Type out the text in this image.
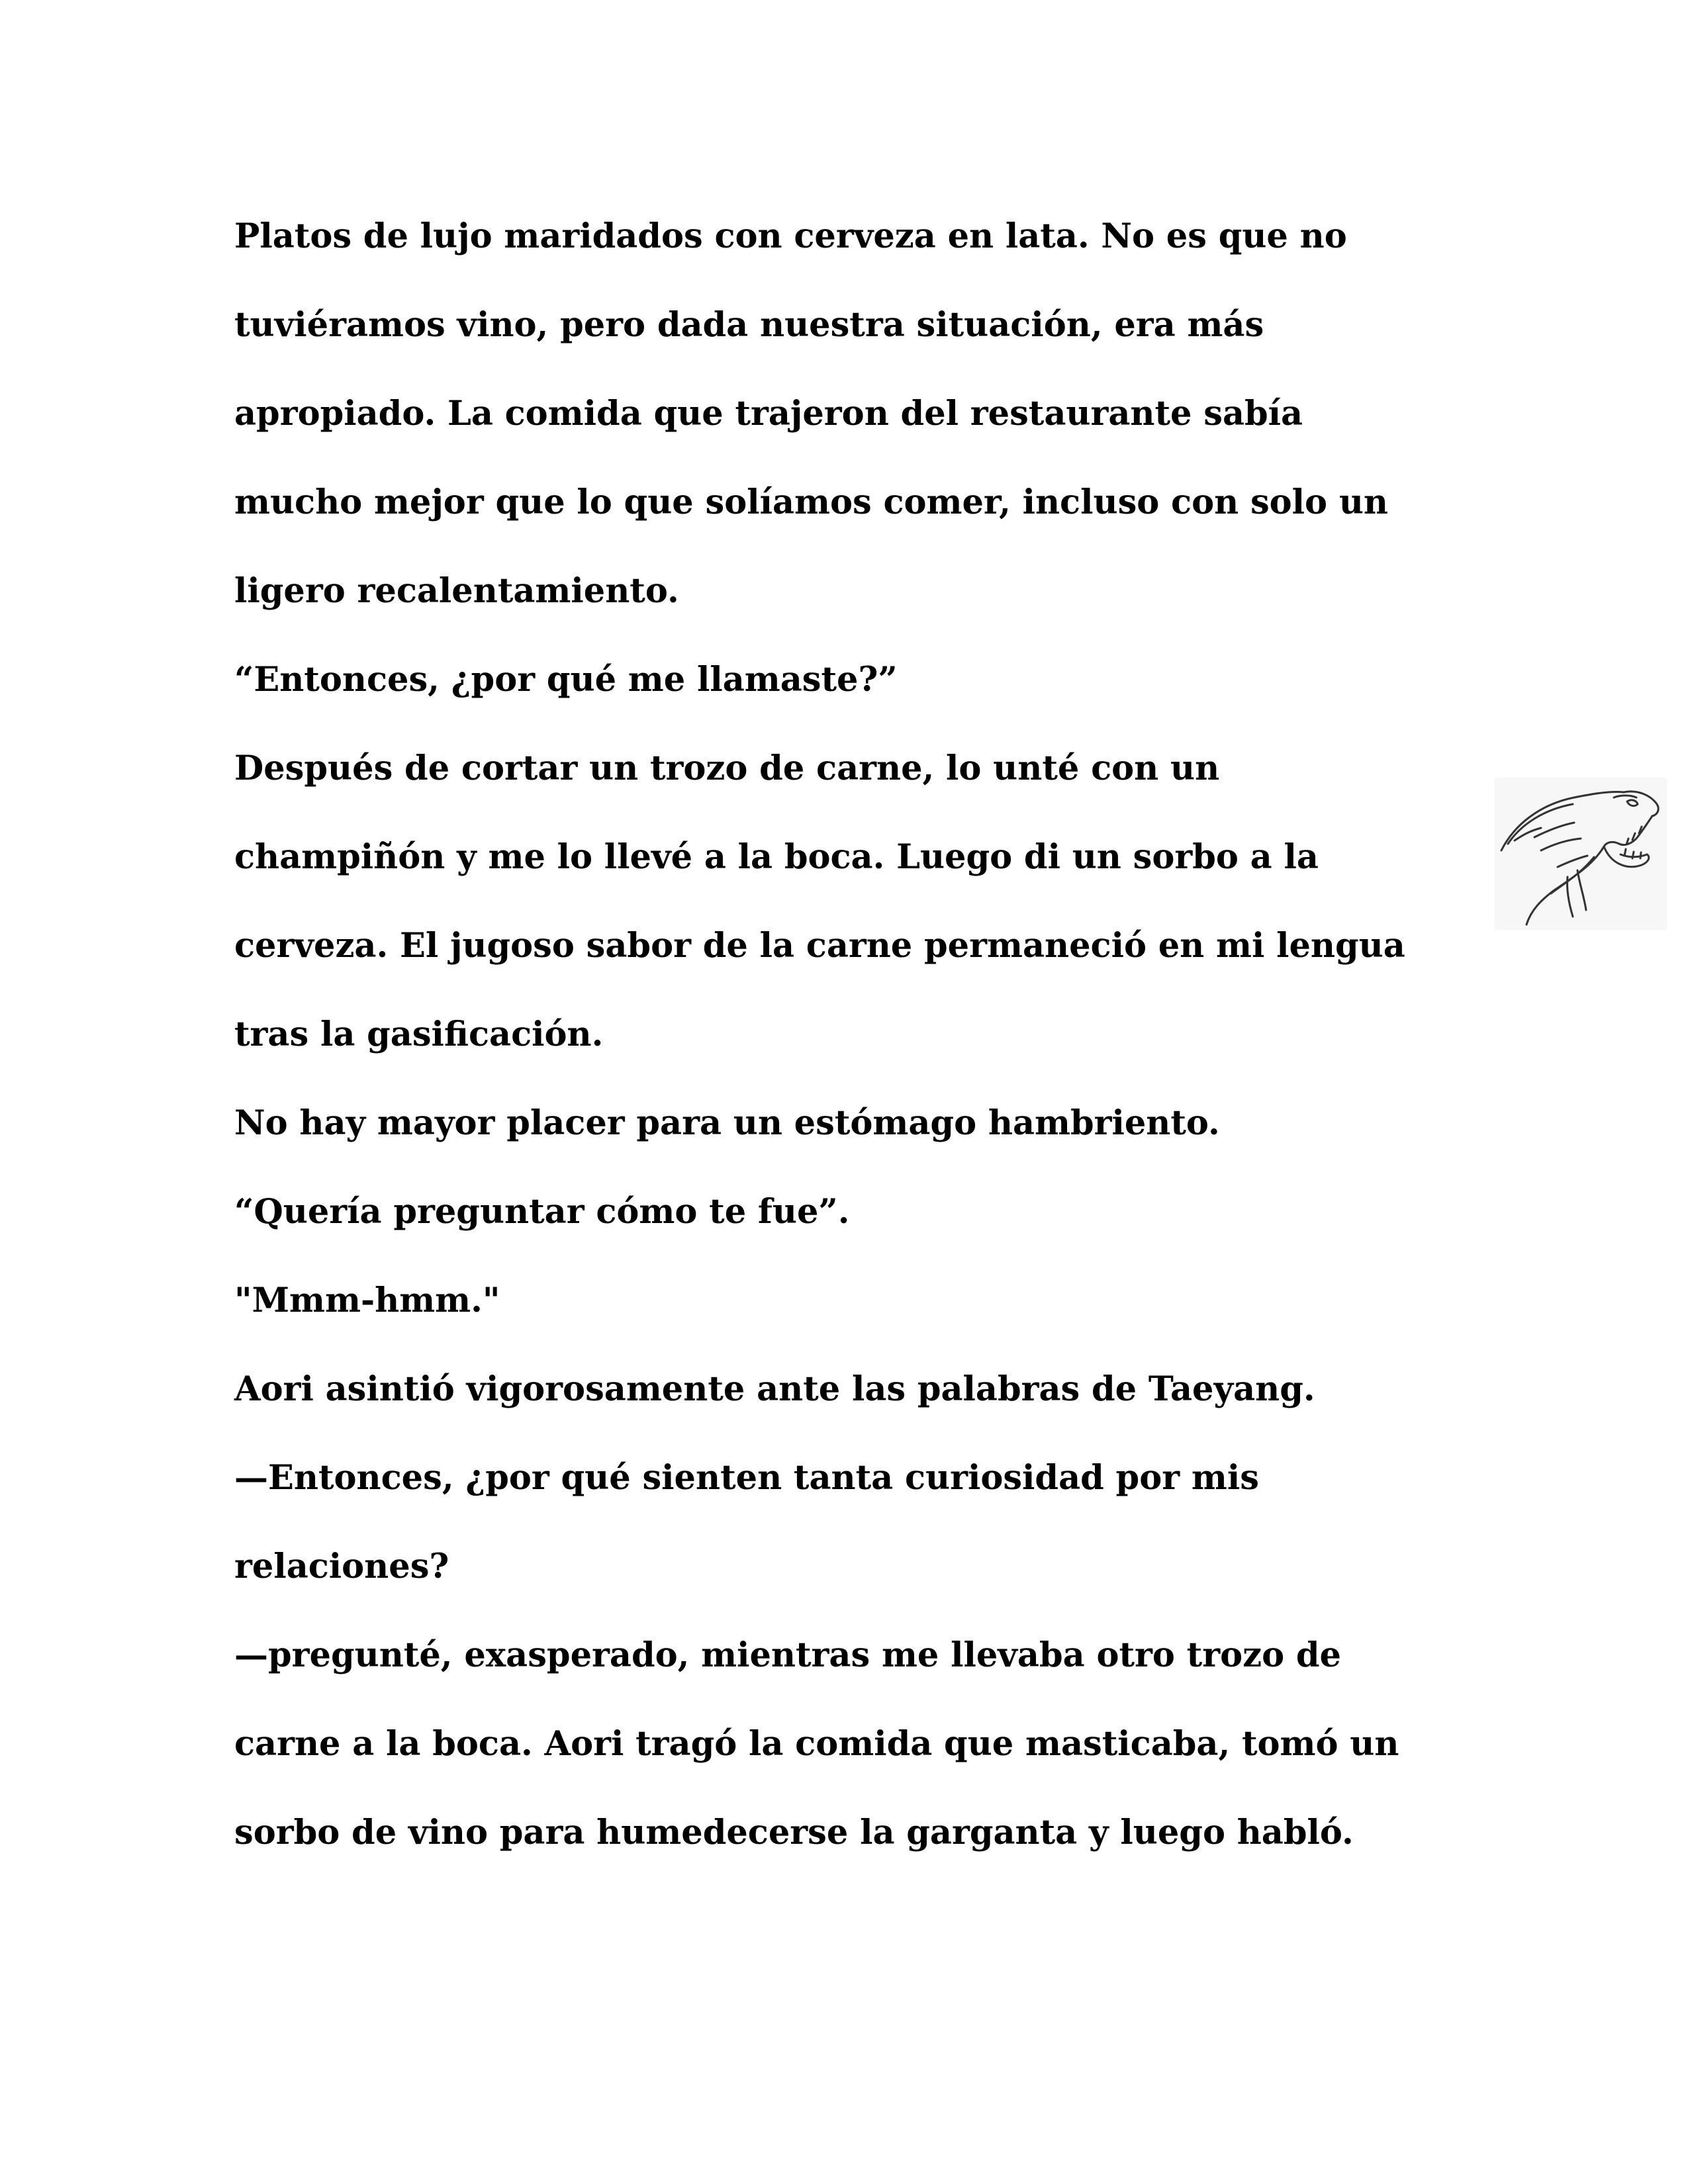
Platos de lujo maridados con cerveza en lata. No es que no
tuviéramos vino, pero dada nuestra situación, era más
apropiado. La comida que trajeron del restaurante sabía
mucho mejor que lo que solíamos comer, incluso con solo un
ligero recalentamiento.
“Entonces, ¿por qué me llamaste?”
Después de cortar un trozo de carne, lo unté con un
champiñón y me lo llevé a la boca. Luego di un sorbo a la
cerveza. El jugoso sabor de la carne permaneció en mi lengua
tras la gasificación.
No hay mayor placer para un estómago hambriento.
“Quería preguntar cómo te fue”.
"Mmm-hmm."
Aori asintió vigorosamente ante las palabras de Taeyang.
—Entonces, ¿por qué sienten tanta curiosidad por mis
relaciones?
—pregunté, exasperado, mientras me llevaba otro trozo de
carne a la boca. Aori tragó la comida que masticaba, tomó un
sorbo de vino para humedecerse la garganta y luego habló.
